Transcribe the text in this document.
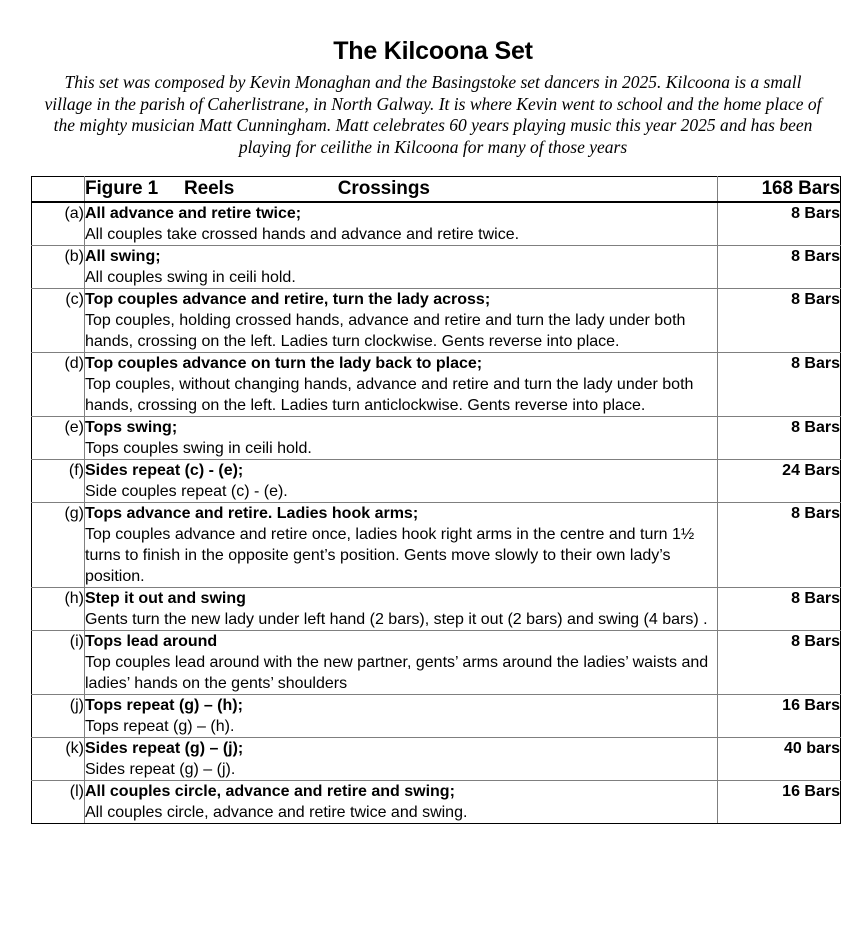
The Kilcoona Set

This set was composed by Kevin Monaghan and the Basingstoke set dancers in 2025. Kilcoona is a small village in the parish of Caherlistrane, in North Galway. It is where Kevin went to school and the home place of the mighty musician Matt Cunningham. Matt celebrates 60 years playing music this year 2025 and has been playing for ceilithe in Kilcoona for many of those years

	Figure 1     Reels                    Crossings	168 Bars
(a)	All advance and retire twice;
All couples take crossed hands and advance and retire twice.	8 Bars
(b)	All swing;
All couples swing in ceili hold.	8 Bars
(c)	Top couples advance and retire, turn the lady across;
Top couples, holding crossed hands, advance and retire and turn the lady under both hands, crossing on the left. Ladies turn clockwise. Gents reverse into place.	8 Bars
(d)	Top couples advance on turn the lady back to place;
Top couples, without changing hands, advance and retire and turn the lady under both hands, crossing on the left. Ladies turn anticlockwise. Gents reverse into place.	8 Bars
(e)	Tops swing;
Tops couples swing in ceili hold.	8 Bars
(f)	Sides repeat (c) - (e);
Side couples repeat (c) - (e).	24 Bars
(g)	Tops advance and retire. Ladies hook arms;
Top couples advance and retire once, ladies hook right arms in the centre and turn 1½ turns to finish in the opposite gent’s position. Gents move slowly to their own lady’s position.	8 Bars
(h)	Step it out and swing
Gents turn the new lady under left hand (2 bars), step it out (2 bars) and swing (4 bars) .	8 Bars
(i)	Tops lead around
Top couples lead around with the new partner, gents’ arms around the ladies’ waists and ladies’ hands on the gents’ shoulders	8 Bars
(j)	Tops repeat (g) – (h);
Tops repeat (g) – (h).	16 Bars
(k)	Sides repeat (g) – (j);
Sides repeat (g) – (j).	40 bars
(l)	All couples circle, advance and retire and swing;
All couples circle, advance and retire twice and swing.	16 Bars
